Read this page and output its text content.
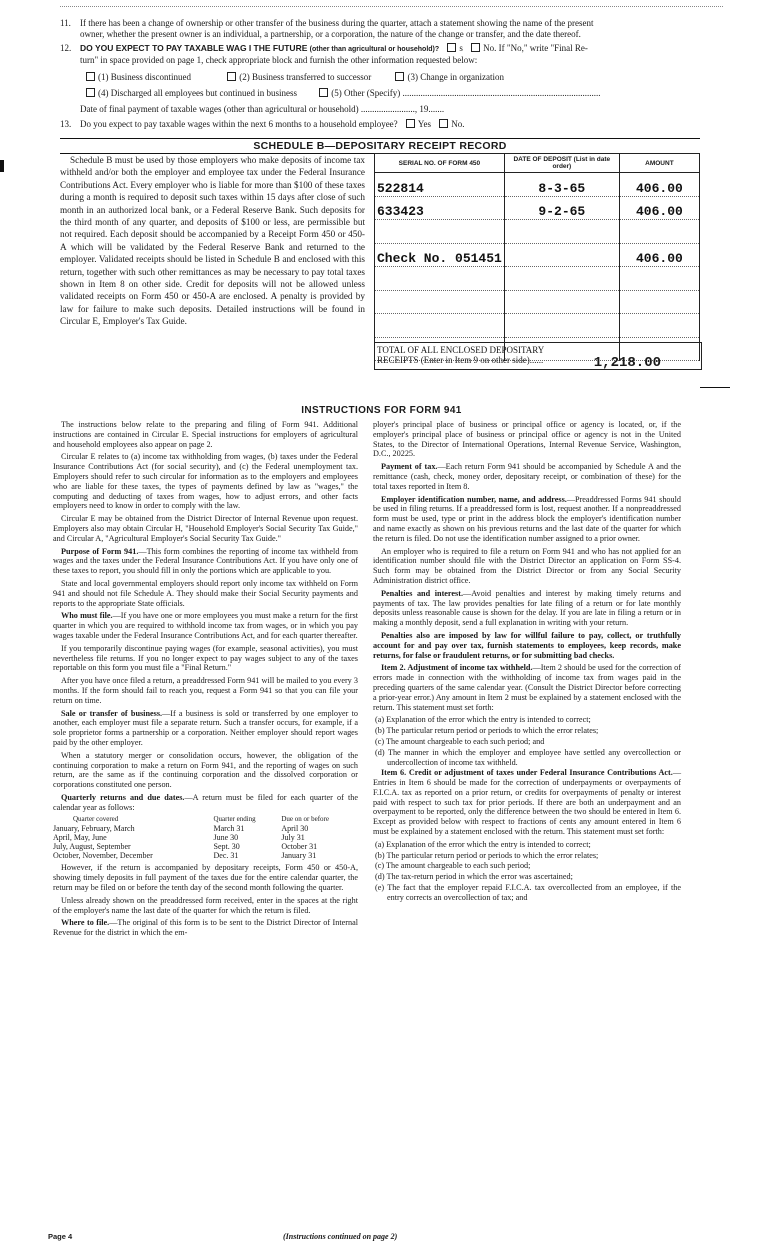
11. If there has been a change of ownership or other transfer of the business during the quarter, attach a statement showing the name of the present
owner, whether the present owner is an individual, a partnership, or a corporation, the nature of the change or transfer, and the date thereof.
12. DO YOU EXPECT TO PAY TAXABLE WAG I THE FUTURE (other than agricultural or household)? s No. If "No," write "Final Re-
turn" in space provided on page 1, check appropriate block and furnish the other information requested below:
(1) Business discontinued	(2) Business transferred to successor	(3) Change in organization
(4) Discharged all employees but continued in business	(5) Other (Specify) ........................................................................................
Date of final payment of taxable wages (other than agricultural or household) ........................, 19.......
13. Do you expect to pay taxable wages within the next 6 months to a household employee? Yes No.
SCHEDULE B—DEPOSITARY RECEIPT RECORD
Schedule B must be used by those employers who make deposits of income tax withheld and/or both the employer and employee tax under the Federal Insurance Contributions Act. Every employer who is liable for more than $100 of these taxes during a month is required to deposit such taxes within 15 days after close of such month in an authorized local bank, or a Federal Reserve Bank. Such deposits for the third month of any quarter, and deposits of $100 or less, are permissible but not required. Each deposit should be accompanied by a Receipt Form 450 or 450-A which will be validated by the Federal Reserve Bank and returned to the employer. Validated receipts should be listed in Schedule B and enclosed with this return, together with such other remittances as may be necessary to pay total taxes shown in Item 8 on other side. Credit for deposits will not be allowed unless validated receipts on Form 450 or 450-A are enclosed. A penalty is provided by law for failure to make such deposits. Detailed instructions will be found in Circular E, Employer's Tax Guide.
SERIAL NO. OF FORM 450	DATE OF DEPOSIT (List in date order)	AMOUNT
522814	8-3-65	406.00
633423	9-2-65	406.00

Check No. 051451		406.00

TOTAL OF ALL ENCLOSED DEPOSITARY RECEIPTS (Enter in Item 9 on other side)......	1,218.00
INSTRUCTIONS FOR FORM 941

The instructions below relate to the preparing and filing of Form 941. Additional instructions are contained in Circular E. Special instructions for employers of agricultural and household employees also appear on page 2.

Circular E relates to (a) income tax withholding from wages, (b) taxes under the Federal Insurance Contributions Act (for social security), and (c) the Federal unemployment tax. Employers should refer to such circular for information as to the employers and employees who are liable for these taxes, the types of payments defined by law as "wages," the computing and deducting of taxes from wages, how to adjust errors, and other facts employers need to know in order to comply with the law.

Circular E may be obtained from the District Director of Internal Revenue upon request. Employers also may obtain Circular H, "Household Employer's Social Security Tax Guide," and Circular A, "Agricultural Employer's Social Security Tax Guide."

Purpose of Form 941.—This form combines the reporting of income tax withheld from wages and the taxes under the Federal Insurance Contributions Act. If you have only one of these taxes to report, you should fill in only the portions which are applicable to you.

State and local governmental employers should report only income tax withheld on Form 941 and should not file Schedule A. They should make their Social Security payments and reports to the appropriate State officials.

Who must file.—If you have one or more employees you must make a return for the first quarter in which you are required to withhold income tax from wages, or in which you pay wages taxable under the Federal Insurance Contributions Act, and for each quarter thereafter.

If you temporarily discontinue paying wages (for example, seasonal activities), you must nevertheless file returns. If you no longer expect to pay wages subject to any of the taxes reportable on this form you must file a "Final Return."

After you have once filed a return, a preaddressed Form 941 will be mailed to you every 3 months. If the form should fail to reach you, request a Form 941 so that you can file your return on time.

Sale or transfer of business.—If a business is sold or transferred by one employer to another, each employer must file a separate return. Such a transfer occurs, for example, if a sole proprietor forms a partnership or a corporation. Neither employer should report wages paid by the other employer.

When a statutory merger or consolidation occurs, however, the obligation of the continuing corporation to make a return on Form 941, and the reporting of wages on such return, are the same as if the continuing corporation and the dissolved corporation or corporations constituted one person.

Quarterly returns and due dates.—A return must be filed for each quarter of the calendar year as follows:

Quarter covered	Quarter ending	Due on or before
January, February, March	March 31	April 30
April, May, June	June 30	July 31
July, August, September	Sept. 30	October 31
October, November, December	Dec. 31	January 31

However, if the return is accompanied by depositary receipts, Form 450 or 450-A, showing timely deposits in full payment of the taxes due for the entire calendar quarter, the return may be filed on or before the tenth day of the second month following the quarter.

Unless already shown on the preaddressed form received, enter in the spaces at the right of the employer's name the last date of the quarter for which the return is filed.

Where to file.—The original of this form is to be sent to the District Director of Internal Revenue for the district in which the em-

ployer's principal place of business or principal office or agency is located, or, if the employer's principal place of business or principal office or agency is not in the United States, to the Director of International Operations, Internal Revenue Service, Washington, D.C., 20225.

Payment of tax.—Each return Form 941 should be accompanied by Schedule A and the remittance (cash, check, money order, depositary receipt, or combination of these) for the total taxes reported in Item 8.

Employer identification number, name, and address.—Preaddressed Forms 941 should be used in filing returns. If a preaddressed form is lost, request another. If a nonpreaddressed form must be used, type or print in the address block the employer's identification number and name exactly as shown on his previous returns and the last date of the quarter for which the return is filed. Do not use the identification number assigned to a prior owner.

An employer who is required to file a return on Form 941 and who has not applied for an identification number should file with the District Director an application on Form SS-4. Such form may be obtained from the District Director or from any Social Security Administration district office.

Penalties and interest.—Avoid penalties and interest by making timely returns and payments of tax. The law provides penalties for late filing of a return or for late monthly deposits unless reasonable cause is shown for the delay. If you are late in filing a return or in making a monthly deposit, send a full explanation in writing with your return.

Penalties also are imposed by law for willful failure to pay, collect, or truthfully account for and pay over tax, furnish statements to employees, keep records, make returns, for false or fraudulent returns, or for submitting bad checks.

Item 2. Adjustment of income tax withheld.—Item 2 should be used for the correction of errors made in connection with the withholding of income tax from wages paid in the preceding quarters of the same calendar year. (Consult the District Director before correcting a prior-year error.) Any amount in Item 2 must be explained by a statement enclosed with the return. This statement must set forth:

(a) Explanation of the error which the entry is intended to correct;

(b) The particular return period or periods to which the error relates;

(c) The amount chargeable to each such period; and

(d) The manner in which the employer and employee have settled any overcollection or undercollection of income tax withheld.

Item 6. Credit or adjustment of taxes under Federal Insurance Contributions Act.—Entries in Item 6 should be made for the correction of underpayments or overpayments of F.I.C.A. tax as reported on a prior return, or credits for overpayments of penalty or interest paid with respect to such tax for prior periods. If there are both an underpayment and an overpayment to be reported, only the difference between the two should be entered in Item 6. Except as provided below with respect to fractions of cents any amount entered in Item 6 must be explained by a statement enclosed with the return. This statement must set forth:

(a) Explanation of the error which the entry is intended to correct;

(b) The particular return period or periods to which the error relates;

(c) The amount chargeable to each such period;

(d) The tax-return period in which the error was ascertained;

(e) The fact that the employer repaid F.I.C.A. tax overcollected from an employee, if the entry corrects an overcollection of tax; and

Page 4	(Instructions continued on page 2)
